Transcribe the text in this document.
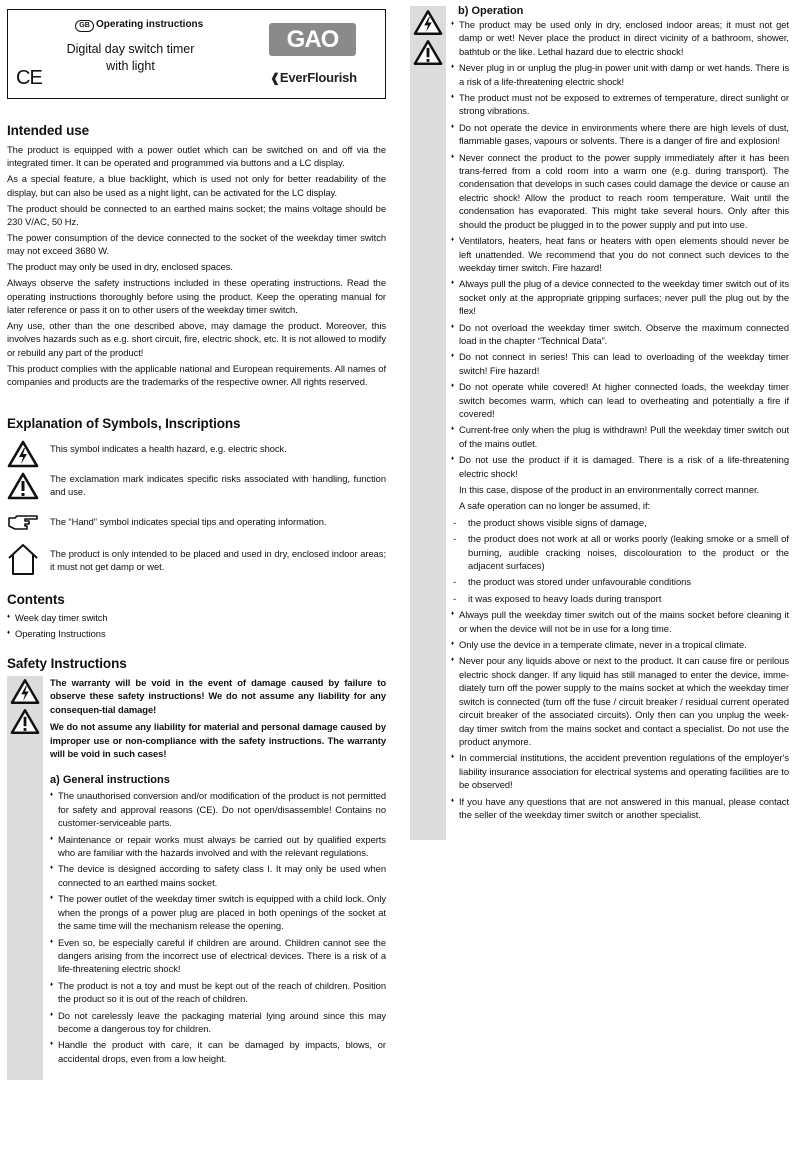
GB Operating instructions
Digital day switch timer
with light
CE
GAO
❰EverFlourish
Intended use

The product is equipped with a power outlet which can be switched on and off via the integrated timer. It can be operated and programmed via buttons and a LC display.

As a special feature, a blue backlight, which is used not only for better readability of the display, but can also be used as a night light, can be activated for the LC display.

The product should be connected to an earthed mains socket; the mains voltage should be 230 V/AC, 50 Hz.

The power consumption of the device connected to the socket of the weekday timer switch may not exceed 3680 W.

The product may only be used in dry, enclosed spaces.

Always observe the safety instructions included in these operating instructions. Read the operating instructions thoroughly before using the product. Keep the operating manual for later reference or pass it on to other users of the weekday timer switch.

Any use, other than the one described above, may damage the product. Moreover, this involves hazards such as e.g. short circuit, fire, electric shock, etc. It is not allowed to modify or rebuild any part of the product!

This product complies with the applicable national and European requirements. All names of companies and products are the trademarks of the respective owner. All rights reserved.

Explanation of Symbols, Inscriptions
This symbol indicates a health hazard, e.g. electric shock.
The exclamation mark indicates specific risks associated with handling, function and use.
The “Hand” symbol indicates special tips and operating information.
The product is only intended to be placed and used in dry, enclosed indoor areas; it must not get damp or wet.
Contents
♦ Week day timer switch
♦ Operating Instructions
Safety Instructions

The warranty will be void in the event of damage caused by failure to observe these safety instructions! We do not assume any liability for any consequen-tial damage!

We do not assume any liability for material and personal damage caused by improper use or non-compliance with the safety instructions. The warranty will be void in such cases!

a) General instructions
♦ The unauthorised conversion and/or modification of the product is not permitted for safety and approval reasons (CE). Do not open/disassemble! Contains no customer-serviceable parts.
♦ Maintenance or repair works must always be carried out by qualified experts who are familiar with the hazards involved and with the relevant regulations.
♦ The device is designed according to safety class I. It may only be used when connected to an earthed mains socket.
♦ The power outlet of the weekday timer switch is equipped with a child lock. Only when the prongs of a power plug are placed in both openings of the socket at the same time will the mechanism release the opening.
♦ Even so, be especially careful if children are around. Children cannot see the dangers arising from the incorrect use of electrical devices. There is a risk of a life-threatening electric shock!
♦ The product is not a toy and must be kept out of the reach of children. Position the product so it is out of the reach of children.
♦ Do not carelessly leave the packaging material lying around since this may become a dangerous toy for children.
♦ Handle the product with care, it can be damaged by impacts, blows, or accidental drops, even from a low height.
b) Operation
♦ The product may be used only in dry, enclosed indoor areas; it must not get damp or wet! Never place the product in direct vicinity of a bathroom, shower, bathtub or the like. Lethal hazard due to electric shock!
♦ Never plug in or unplug the plug-in power unit with damp or wet hands. There is a risk of a life-threatening electric shock!
♦ The product must not be exposed to extremes of temperature, direct sunlight or strong vibrations.
♦ Do not operate the device in environments where there are high levels of dust, flammable gases, vapours or solvents. There is a danger of fire and explosion!
♦ Never connect the product to the power supply immediately after it has been trans-ferred from a cold room into a warm one (e.g. during transport). The condensation that develops in such cases could damage the device or cause an electric shock! Allow the product to reach room temperature. Wait until the condensation has evaporated. This might take several hours. Only after this should the product be plugged in to the power supply and put into use.
♦ Ventilators, heaters, heat fans or heaters with open elements should never be left unattended. We recommend that you do not connect such devices to the weekday timer switch. Fire hazard!
♦ Always pull the plug of a device connected to the weekday timer switch out of its socket only at the appropriate gripping surfaces; never pull the plug out by the flex!
♦ Do not overload the weekday timer switch. Observe the maximum connected load in the chapter “Technical Data”.
♦ Do not connect in series! This can lead to overloading of the weekday timer switch! Fire hazard!
♦ Do not operate while covered! At higher connected loads, the weekday timer switch becomes warm, which can lead to overheating and potentially a fire if covered!
♦ Current-free only when the plug is withdrawn! Pull the weekday timer switch out of the mains outlet.
♦ Do not use the product if it is damaged. There is a risk of a life-threatening electric shock!

In this case, dispose of the product in an environmentally correct manner.

A safe operation can no longer be assumed, if:

- the product shows visible signs of damage,
- the product does not work at all or works poorly (leaking smoke or a smell of burning, audible cracking noises, discolouration to the product or the adjacent surfaces)
- the product was stored under unfavourable conditions
- it was exposed to heavy loads during transport
♦ Always pull the weekday timer switch out of the mains socket before cleaning it or when the device will not be in use for a long time.
♦ Only use the device in a temperate climate, never in a tropical climate.
♦ Never pour any liquids above or next to the product. It can cause fire or perilous electric shock danger. If any liquid has still managed to enter the device, imme-diately turn off the power supply to the mains socket at which the weekday timer switch is connected (turn off the fuse / circuit breaker / residual current operated circuit breaker of the associated circuits). Only then can you unplug the week-day timer switch from the mains socket and contact a specialist. Do not use the product anymore.
♦ In commercial institutions, the accident prevention regulations of the employer's liability insurance association for electrical systems and operating facilities are to be observed!
♦ If you have any questions that are not answered in this manual, please contact the seller of the weekday timer switch or another specialist.
